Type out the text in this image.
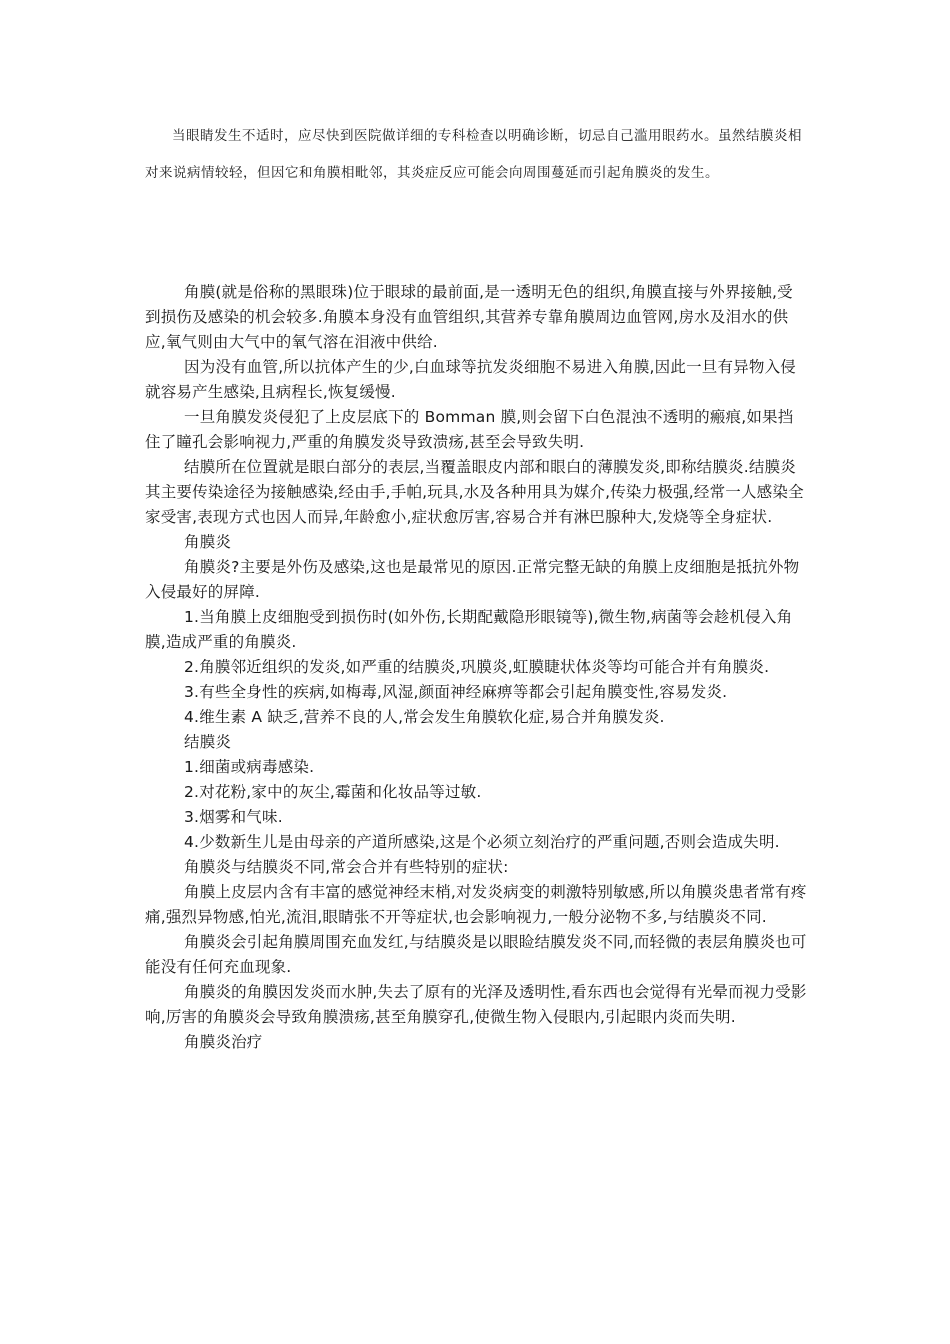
当眼睛发生不适时，应尽快到医院做详细的专科检查以明确诊断，切忌自己滥用眼药水。虽然结膜炎相对来说病情较轻，但因它和角膜相毗邻，其炎症反应可能会向周围蔓延而引起角膜炎的发生。

角膜(就是俗称的黑眼珠)位于眼球的最前面,是一透明无色的组织,角膜直接与外界接触,受到损伤及感染的机会较多.角膜本身没有血管组织,其营养专靠角膜周边血管网,房水及泪水的供应,氧气则由大气中的氧气溶在泪液中供给.

因为没有血管,所以抗体产生的少,白血球等抗发炎细胞不易进入角膜,因此一旦有异物入侵就容易产生感染,且病程长,恢复缓慢.

一旦角膜发炎侵犯了上皮层底下的 Bomman 膜,则会留下白色混浊不透明的瘢痕,如果挡住了瞳孔会影响视力,严重的角膜发炎导致溃疡,甚至会导致失明.

结膜所在位置就是眼白部分的表层,当覆盖眼皮内部和眼白的薄膜发炎,即称结膜炎.结膜炎其主要传染途径为接触感染,经由手,手帕,玩具,水及各种用具为媒介,传染力极强,经常一人感染全家受害,表现方式也因人而异,年龄愈小,症状愈厉害,容易合并有淋巴腺种大,发烧等全身症状.

角膜炎

角膜炎?主要是外伤及感染,这也是最常见的原因.正常完整无缺的角膜上皮细胞是抵抗外物入侵最好的屏障.

1.当角膜上皮细胞受到损伤时(如外伤,长期配戴隐形眼镜等),微生物,病菌等会趁机侵入角膜,造成严重的角膜炎.

2.角膜邻近组织的发炎,如严重的结膜炎,巩膜炎,虹膜睫状体炎等均可能合并有角膜炎.

3.有些全身性的疾病,如梅毒,风湿,颜面神经麻痹等都会引起角膜变性,容易发炎.

4.维生素 A 缺乏,营养不良的人,常会发生角膜软化症,易合并角膜发炎.

结膜炎

1.细菌或病毒感染.

2.对花粉,家中的灰尘,霉菌和化妆品等过敏.

3.烟雾和气味.

4.少数新生儿是由母亲的产道所感染,这是个必须立刻治疗的严重问题,否则会造成失明.

角膜炎与结膜炎不同,常会合并有些特别的症状:

角膜上皮层内含有丰富的感觉神经末梢,对发炎病变的刺激特别敏感,所以角膜炎患者常有疼痛,强烈异物感,怕光,流泪,眼睛张不开等症状,也会影响视力,一般分泌物不多,与结膜炎不同.

角膜炎会引起角膜周围充血发红,与结膜炎是以眼睑结膜发炎不同,而轻微的表层角膜炎也可能没有任何充血现象.

角膜炎的角膜因发炎而水肿,失去了原有的光泽及透明性,看东西也会觉得有光晕而视力受影响,厉害的角膜炎会导致角膜溃疡,甚至角膜穿孔,使微生物入侵眼内,引起眼内炎而失明.

角膜炎治疗
